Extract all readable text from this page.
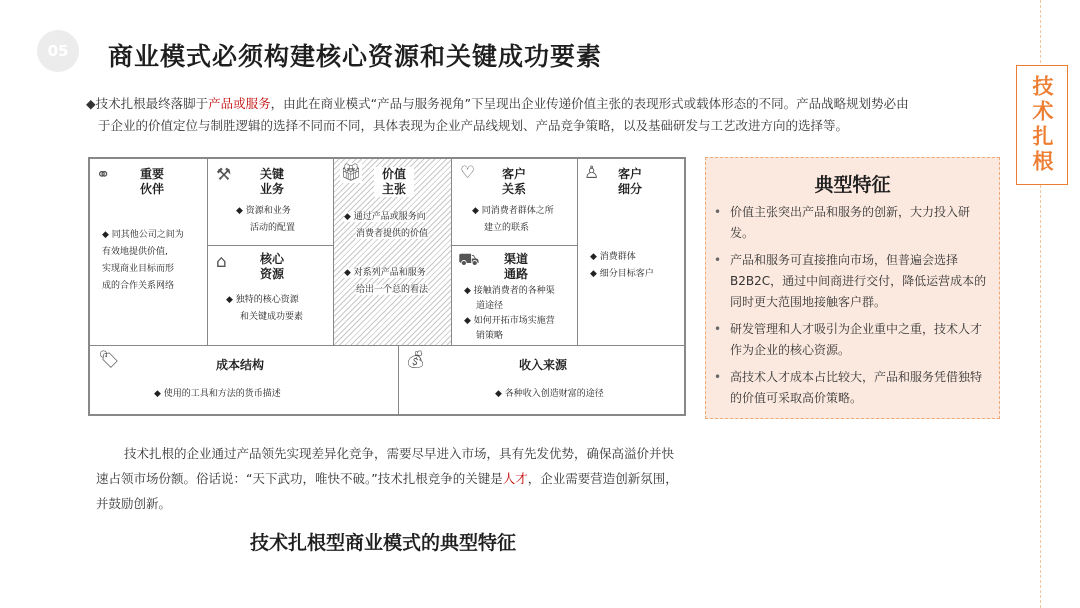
05 商业模式必须构建核心资源和关键成功要素
技术扎根
◆技术扎根最终落脚于产品或服务，由此在商业模式“产品与服务视角”下呈现出企业传递价值主张的表现形式或载体形态的不同。产品战略规划势必由
于企业的价值定位与制胜逻辑的选择不同而不同，具体表现为企业产品线规划、产品竞争策略，以及基础研发与工艺改进方向的选择等。
⚭	重要
伙伴
◆ 同其他公司之间为
有效地提供价值,
实现商业目标而形
成的合作关系网络
⚒	关键
业务
◆ 资源和业务
活动的配置
⌂	核心
资源
◆ 独特的核心资源
和关键成功要素
🎁︎	价值
主张
◆ 通过产品或服务向
消费者提供的价值
◆ 对系列产品和服务
给出一个总的看法
♡	客户
关系
◆ 同消费者群体之所
建立的联系
⛟	渠道
通路
◆ 接触消费者的各种渠
道途径
◆ 如何开拓市场实施营
销策略
♙	客户
细分
◆ 消费群体
◆ 细分目标客户
🏷︎	成本结构
◆ 使用的工具和方法的货币描述
💰︎	收入来源
◆ 各种收入创造财富的途径
技术扎根的企业通过产品领先实现差异化竞争，需要尽早进入市场，具有先发优势，确保高溢价并快速占领市场份额。俗话说：“天下武功，唯快不破。”技术扎根竞争的关键是人才，企业需要营造创新氛围，并鼓励创新。
技术扎根型商业模式的典型特征
典型特征
• 价值主张突出产品和服务的创新，大力投入研发。
• 产品和服务可直接推向市场，但普遍会选择B2B2C，通过中间商进行交付，降低运营成本的同时更大范围地接触客户群。
• 研发管理和人才吸引为企业重中之重，技术人才作为企业的核心资源。
• 高技术人才成本占比较大，产品和服务凭借独特的价值可采取高价策略。
